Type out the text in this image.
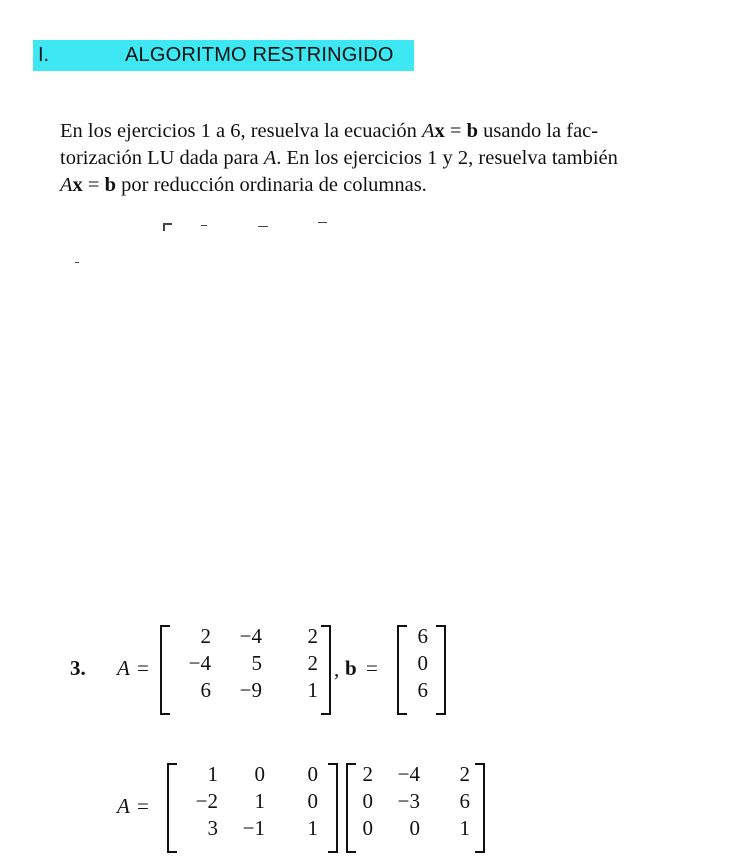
I.	ALGORITMO RESTRINGIDO

En los ejercicios 1 a 6, resuelva la ecuación Ax = b usando la fac-

torización LU dada para A. En los ejercicios 1 y 2, resuelva también

Ax = b por reducción ordinaria de columnas.

3. A =
2	−4	2
−4	5	2
6	−9	1
, b =
6
0
6
A =
1	0	0
−2	1	0
3	−1	1
2	−4	2
0	−3	6
0	0	1
